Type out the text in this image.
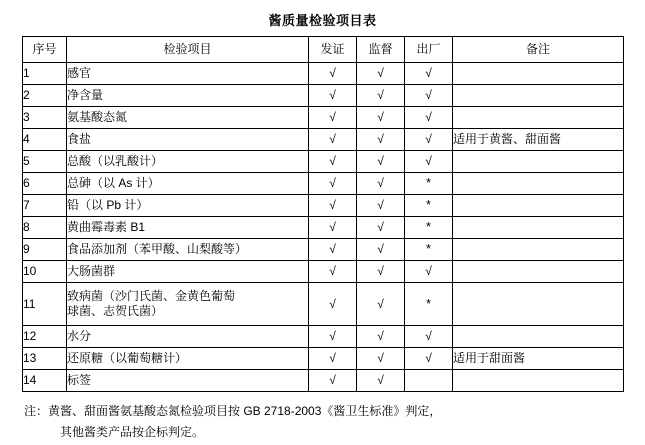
酱质量检验项目表
序号	检验项目	发证	监督	出厂	备注
1	感官	√	√	√	
2	净含量	√	√	√	
3	氨基酸态氮	√	√	√	
4	食盐	√	√	√	适用于黄酱、甜面酱
5	总酸（以乳酸计）	√	√	√	
6	总砷（以 As 计）	√	√	*	
7	铅（以 Pb 计）	√	√	*	
8	黄曲霉毒素 B1	√	√	*	
9	食品添加剂（苯甲酸、山梨酸等）	√	√	*	
10	大肠菌群	√	√	√	
11	致病菌（沙门氏菌、金黄色葡萄
球菌、志贺氏菌）	√	√	*	
12	水分	√	√	√	
13	还原糖（以葡萄糖计）	√	√	√	适用于甜面酱
14	标签	√	√		
注：黄酱、甜面酱氨基酸态氮检验项目按 GB 2718-2003《酱卫生标准》判定，
其他酱类产品按企标判定。
